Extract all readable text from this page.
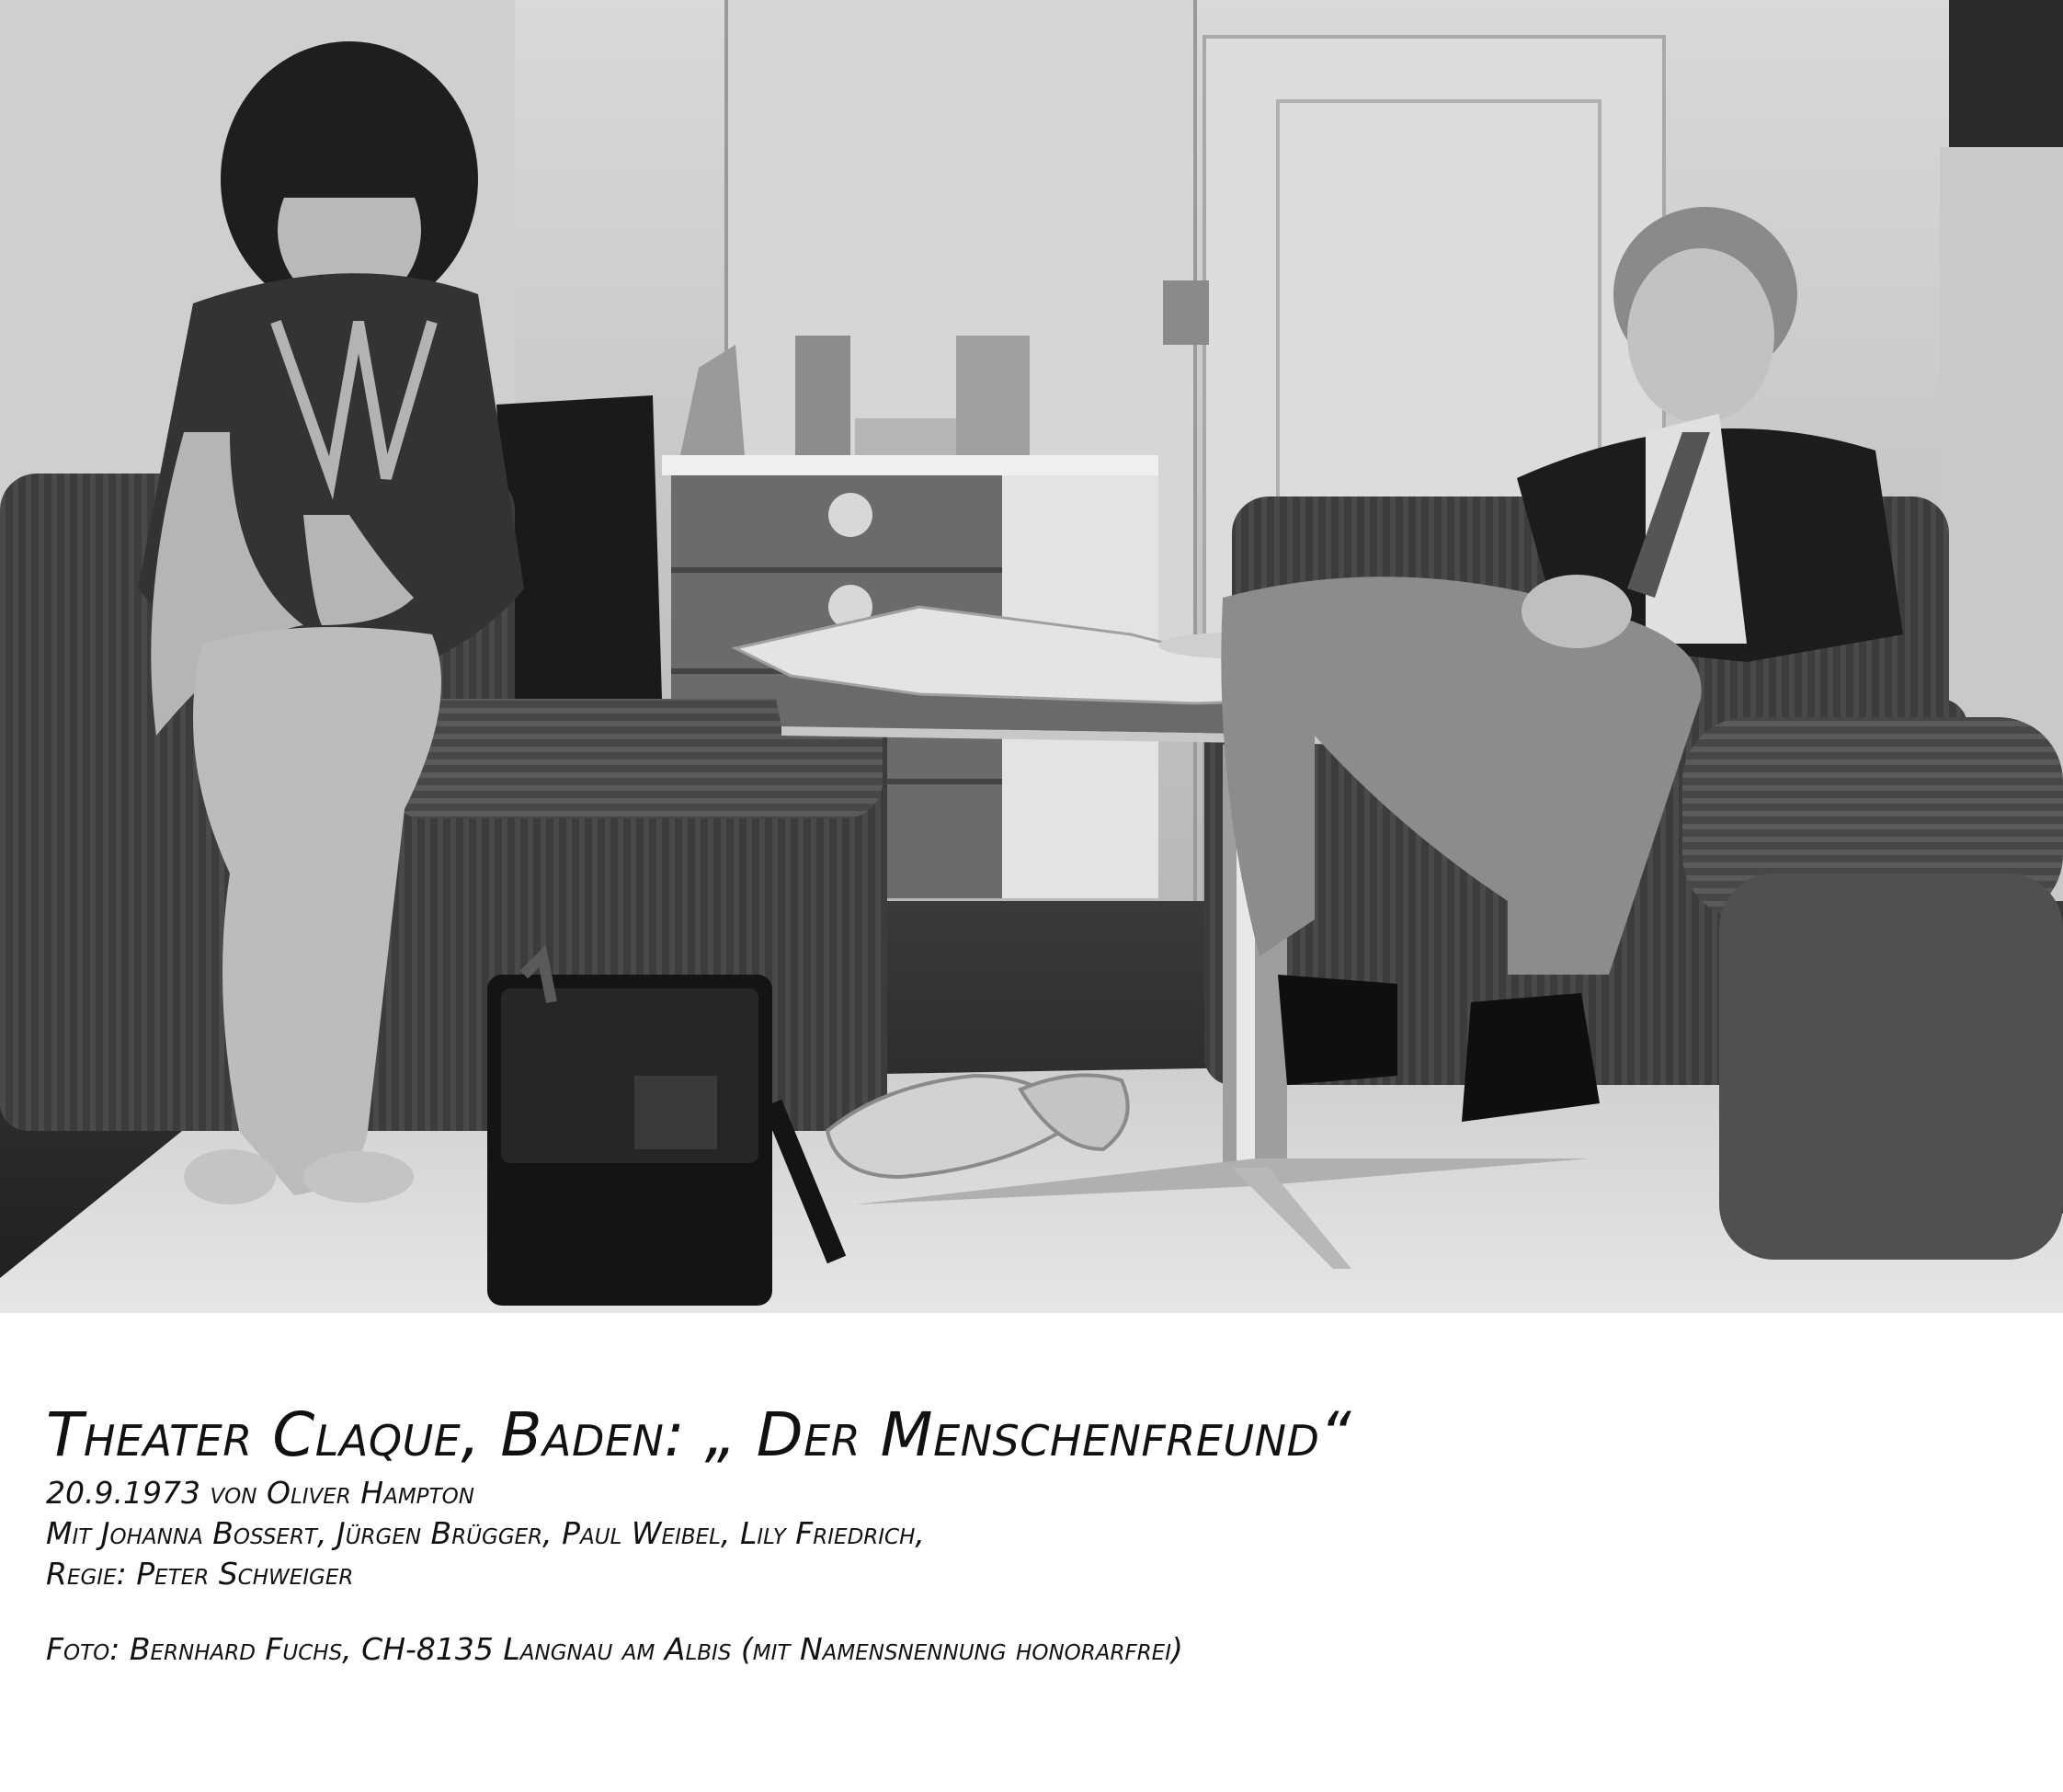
Theater Claque, Baden: „ Der Menschenfreund“
20.9.1973 von Oliver Hampton
Mit Johanna Bossert, Jürgen Brügger, Paul Weibel, Lily Friedrich,
Regie: Peter Schweiger
Foto: Bernhard Fuchs, CH-8135 Langnau am Albis (mit Namensnennung honorarfrei)
